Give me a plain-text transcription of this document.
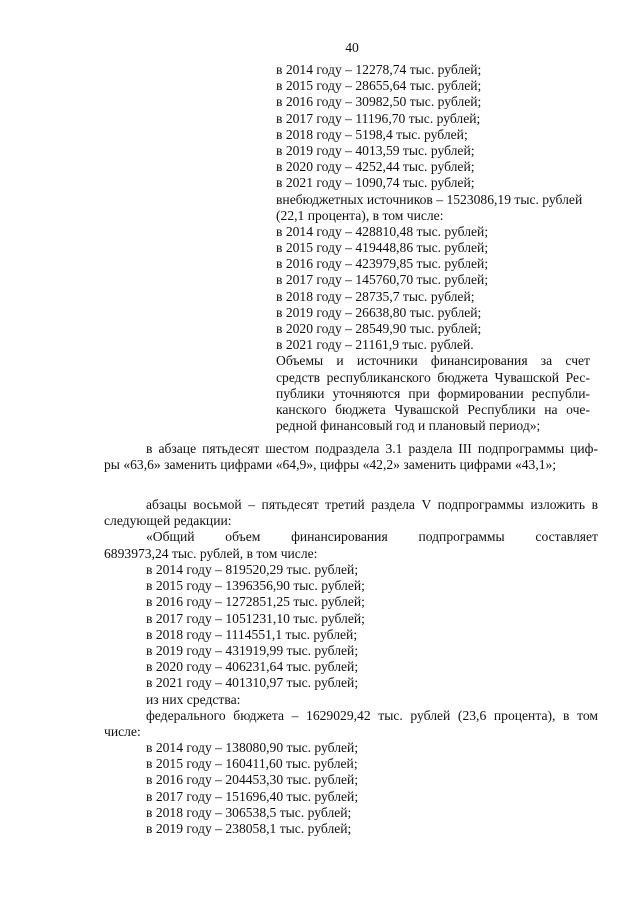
40
в 2014 году – 12278,74 тыс. рублей;
в 2015 году – 28655,64 тыс. рублей;
в 2016 году – 30982,50 тыс. рублей;
в 2017 году – 11196,70 тыс. рублей;
в 2018 году – 5198,4 тыс. рублей;
в 2019 году – 4013,59 тыс. рублей;
в 2020 году – 4252,44 тыс. рублей;
в 2021 году – 1090,74 тыс. рублей;
внебюджетных источников – 1523086,19 тыс. рублей
(22,1 процента), в том числе:
в 2014 году – 428810,48 тыс. рублей;
в 2015 году – 419448,86 тыс. рублей;
в 2016 году – 423979,85 тыс. рублей;
в 2017 году – 145760,70 тыс. рублей;
в 2018 году – 28735,7 тыс. рублей;
в 2019 году – 26638,80 тыс. рублей;
в 2020 году – 28549,90 тыс. рублей;
в 2021 году – 21161,9 тыс. рублей.
Объемы и источники финансирования за счет
средств республиканского бюджета Чувашской Рес-
публики уточняются при формировании республи-
канского бюджета Чувашской Республики на оче-
редной финансовый год и плановый период»;
в абзаце пятьдесят шестом подраздела 3.1 раздела III подпрограммы циф-
ры «63,6» заменить цифрами «64,9», цифры «42,2» заменить цифрами «43,1»;
абзацы восьмой – пятьдесят третий раздела V подпрограммы изложить в
следующей редакции:
«Общий объем финансирования подпрограммы составляет
6893973,24 тыс. рублей, в том числе:
в 2014 году – 819520,29 тыс. рублей;
в 2015 году – 1396356,90 тыс. рублей;
в 2016 году – 1272851,25 тыс. рублей;
в 2017 году – 1051231,10 тыс. рублей;
в 2018 году – 1114551,1 тыс. рублей;
в 2019 году – 431919,99 тыс. рублей;
в 2020 году – 406231,64 тыс. рублей;
в 2021 году – 401310,97 тыс. рублей;
из них средства:
федерального бюджета – 1629029,42 тыс. рублей (23,6 процента), в том
числе:
в 2014 году – 138080,90 тыс. рублей;
в 2015 году – 160411,60 тыс. рублей;
в 2016 году – 204453,30 тыс. рублей;
в 2017 году – 151696,40 тыс. рублей;
в 2018 году – 306538,5 тыс. рублей;
в 2019 году – 238058,1 тыс. рублей;
